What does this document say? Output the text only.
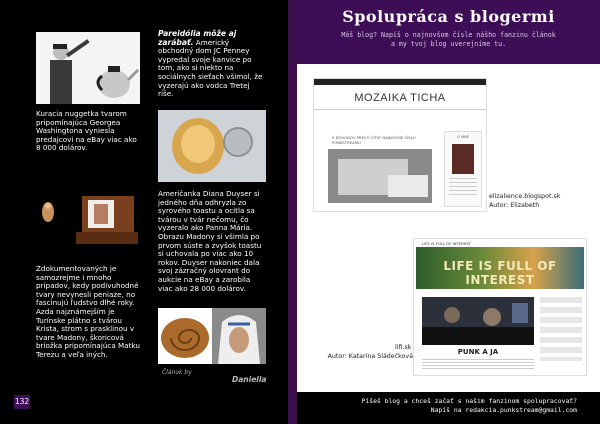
Kuracia nuggetka tvarom pripomínajúca Georgea Washingtona vyniesla predajcovi na eBay viac ako 8 000 dolárov.
Zdokumentovaných je samozrejme i mnoho prípadov, kedy podivuhodné tvary nevynesli peniaze, no fascinujú ľudstvo dlhé roky. Azda najznámejším je Turínske plátno s tvárou Krista, strom s prasklinou v tvare Madony, škoricová briožka pripomínajúca Matku Terezu a veľa iných.
Pareidólia môže aj zarábať. Americký obchodný dom JC Penney vypredal svoje kanvice po tom, ako si niekto na sociálnych sieťach všimol, že vyzerajú ako vodca Tretej ríše.
Američanka Diana Duyser si jedného dňa odhryzla zo syrového toastu a ocitla sa tvárou v tvár nečomu, čo vyzeralo ako Panna Mária. Obrazu Madony si všimla po prvom súste a zvyšok toastu si uchovala po viac ako 10 rokov. Duyser nakoniec dala svoj zázračný olovrant do aukcie na eBay a zarobila viac ako 28 000 dolárov.
Článok by
Daniella
132
Spolupráca s blogermi
Máš blog? Napíš o najnovšom čísle nášho fanzinu článok
a my tvoj blog uverejníme tu.
MOZAIKA TICHA
5 DÔVODOV PREČO ČÍTAŤ NAJNOVŠIE ČÍSLO PUNKSTREAMU
O MNE
elizalience.blogspot.sk
Autor: Elizabeth
LIFE IS FULL OF INTEREST
LIFE IS FULL OF INTEREST
PUNK A JA
lifi.sk
Autor: Katarína Sládečková
Píšeš blog a chceš začať s našim fanzinom spolupracovať?
Napíš na redakcia.punkstream@gmail.com
